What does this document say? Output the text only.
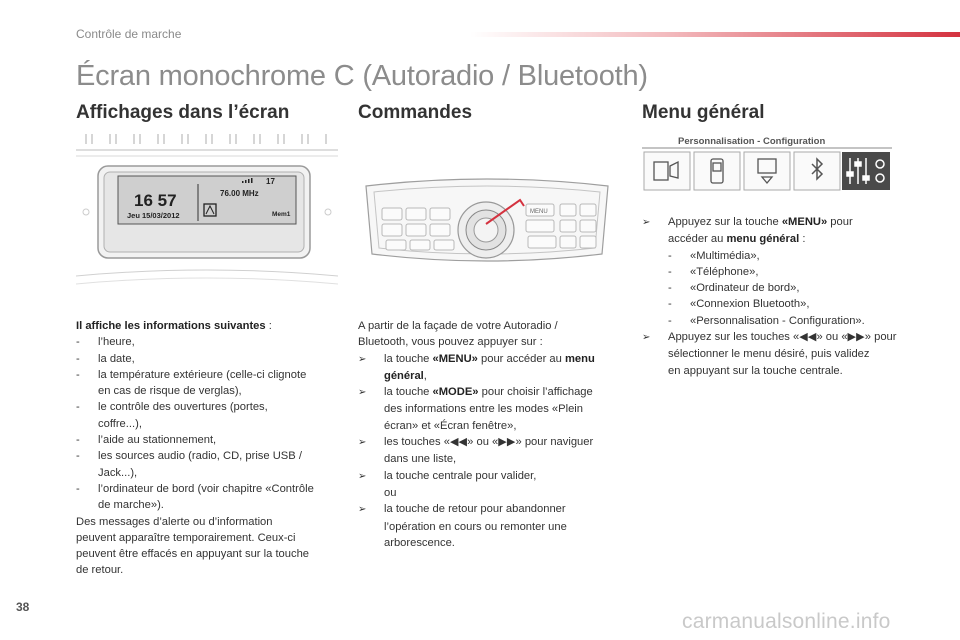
Contrôle de marche
Écran monochrome C (Autoradio / Bluetooth)
Affichages dans l’écran
16 57
Jeu 15/03/2012
17
76.00 MHz
Mem1
Il affiche les informations suivantes :
- l’heure,
- la date,
- la température extérieure (celle-ci clignote
en cas de risque de verglas),
- le contrôle des ouvertures (portes,
coffre...),
- l’aide au stationnement,
- les sources audio (radio, CD, prise USB /
Jack...),
- l’ordinateur de bord (voir chapitre «Contrôle
de marche»).
Des messages d’alerte ou d’information
peuvent apparaître temporairement. Ceux-ci
peuvent être effacés en appuyant sur la touche
de retour.
Commandes
MENU
A partir de la façade de votre Autoradio /
Bluetooth, vous pouvez appuyer sur :
➢ la touche «MENU» pour accéder au menu
général,
➢ la touche «MODE» pour choisir l’affichage
des informations entre les modes «Plein
écran» et «Écran fenêtre»,
➢ les touches «◀◀» ou «▶▶» pour naviguer
dans une liste,
➢ la touche centrale pour valider,
ou
➢ la touche de retour pour abandonner
l’opération en cours ou remonter une
arborescence.
Menu général
Personnalisation - Configuration
➢ Appuyez sur la touche «MENU» pour
accéder au menu général :
- «Multimédia»,
- «Téléphone»,
- «Ordinateur de bord»,
- «Connexion Bluetooth»,
- «Personnalisation - Configuration».
➢ Appuyez sur les touches «◀◀» ou «▶▶» pour
sélectionner le menu désiré, puis validez
en appuyant sur la touche centrale.
38
carmanualsonline.info
